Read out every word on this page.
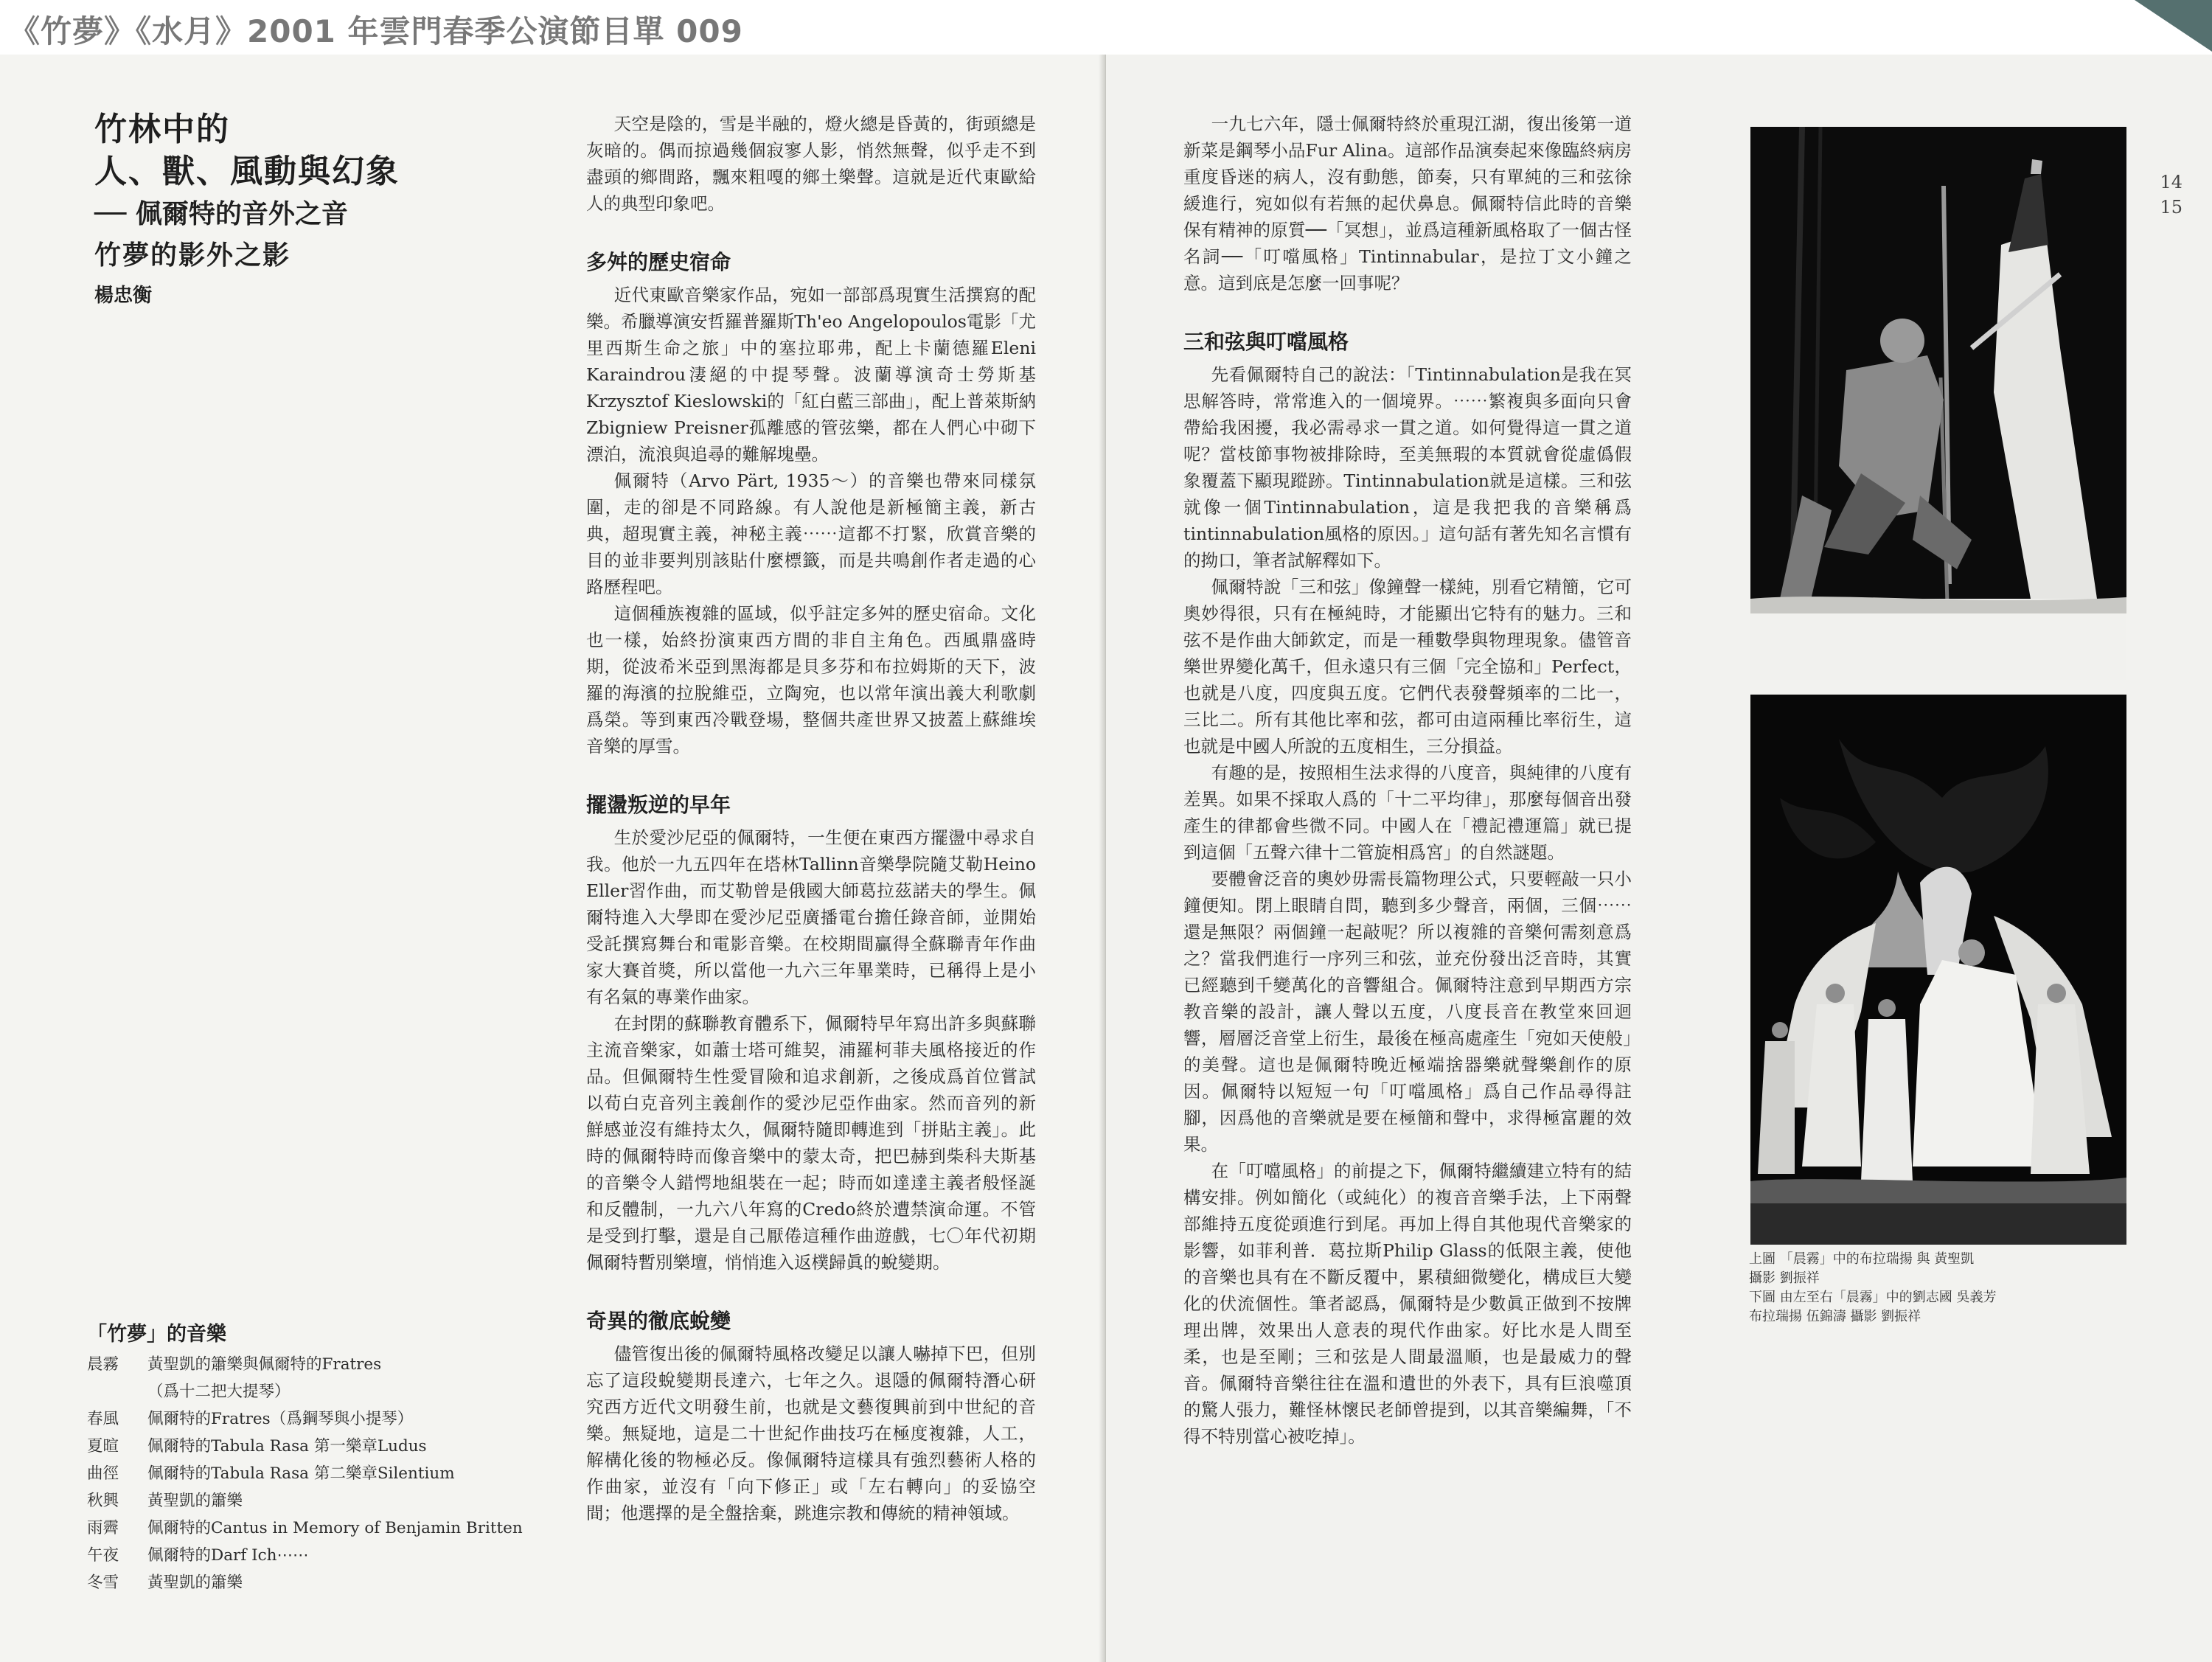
《竹夢》《水月》2001 年雲門春季公演節目單 009
竹林中的
人、獸、風動與幻象
── 佩爾特的音外之音
竹夢的影外之影
楊忠衡
「竹夢」的音樂
晨霧	黃聖凱的簫樂與佩爾特的Fratres
（爲十二把大提琴）
春風	佩爾特的Fratres（爲鋼琴與小提琴）
夏暄	佩爾特的Tabula Rasa 第一樂章Ludus
曲徑	佩爾特的Tabula Rasa 第二樂章Silentium
秋興	黃聖凱的簫樂
雨霽	佩爾特的Cantus in Memory of Benjamin Britten
午夜	佩爾特的Darf Ich⋯⋯
冬雪	黃聖凱的簫樂

天空是陰的，雪是半融的，燈火總是昏黃的，街頭總是灰暗的。偶而掠過幾個寂寥人影，悄然無聲，似乎走不到盡頭的鄉間路，飄來粗嘎的鄉土樂聲。這就是近代東歐給人的典型印象吧。

多舛的歷史宿命

近代東歐音樂家作品，宛如一部部爲現實生活撰寫的配樂。希臘導演安哲羅普羅斯Th'eo Angelopoulos電影「尤里西斯生命之旅」中的塞拉耶弗，配上卡蘭德羅Eleni Karaindrou淒絕的中提琴聲。波蘭導演奇士勞斯基Krzysztof Kieslowski的「紅白藍三部曲」，配上普萊斯納Zbigniew Preisner孤離感的管弦樂，都在人們心中砌下漂泊，流浪與追尋的難解塊壘。

佩爾特（Arvo Pärt, 1935～）的音樂也帶來同樣氛圍，走的卻是不同路線。有人說他是新極簡主義，新古典，超現實主義，神秘主義⋯⋯這都不打緊，欣賞音樂的目的並非要判別該貼什麼標籤，而是共鳴創作者走過的心路歷程吧。

這個種族複雜的區域，似乎註定多舛的歷史宿命。文化也一樣，始終扮演東西方間的非自主角色。西風鼎盛時期，從波希米亞到黑海都是貝多芬和布拉姆斯的天下，波羅的海濱的拉脫維亞，立陶宛，也以常年演出義大利歌劇爲榮。等到東西冷戰登場，整個共產世界又披蓋上蘇維埃音樂的厚雪。

擺盪叛逆的早年

生於愛沙尼亞的佩爾特，一生便在東西方擺盪中尋求自我。他於一九五四年在塔林Tallinn音樂學院隨艾勒Heino Eller習作曲，而艾勒曾是俄國大師葛拉茲諾夫的學生。佩爾特進入大學即在愛沙尼亞廣播電台擔任錄音師，並開始受託撰寫舞台和電影音樂。在校期間贏得全蘇聯青年作曲家大賽首獎，所以當他一九六三年畢業時，已稱得上是小有名氣的專業作曲家。

在封閉的蘇聯教育體系下，佩爾特早年寫出許多與蘇聯主流音樂家，如蕭士塔可維契，浦羅柯菲夫風格接近的作品。但佩爾特生性愛冒險和追求創新，之後成爲首位嘗試以荀白克音列主義創作的愛沙尼亞作曲家。然而音列的新鮮感並沒有維持太久，佩爾特隨即轉進到「拼貼主義」。此時的佩爾特時而像音樂中的蒙太奇，把巴赫到柴科夫斯基的音樂令人錯愕地組裝在一起；時而如達達主義者般怪誕和反體制，一九六八年寫的Credo終於遭禁演命運。不管是受到打擊，還是自己厭倦這種作曲遊戲，七〇年代初期佩爾特暫別樂壇，悄悄進入返樸歸眞的蛻變期。

奇異的徹底蛻變

儘管復出後的佩爾特風格改變足以讓人嚇掉下巴，但別忘了這段蛻變期長達六，七年之久。退隱的佩爾特潛心研究西方近代文明發生前，也就是文藝復興前到中世紀的音樂。無疑地，這是二十世紀作曲技巧在極度複雜，人工，解構化後的物極必反。像佩爾特這樣具有強烈藝術人格的作曲家，並沒有「向下修正」或「左右轉向」的妥協空間；他選擇的是全盤捨棄，跳進宗教和傳統的精神領域。

一九七六年，隱士佩爾特終於重現江湖，復出後第一道新菜是鋼琴小品Fur Alina。這部作品演奏起來像臨終病房重度昏迷的病人，沒有動態，節奏，只有單純的三和弦徐緩進行，宛如似有若無的起伏鼻息。佩爾特信此時的音樂保有精神的原質──「冥想」，並爲這種新風格取了一個古怪名詞──「叮噹風格」Tintinnabular，是拉丁文小鐘之意。這到底是怎麼一回事呢？

三和弦與叮噹風格

先看佩爾特自己的說法：「Tintinnabulation是我在冥思解答時，常常進入的一個境界。⋯⋯繁複與多面向只會帶給我困擾，我必需尋求一貫之道。如何覺得這一貫之道呢？當枝節事物被排除時，至美無瑕的本質就會從虛僞假象覆蓋下顯現蹤跡。Tintinnabulation就是這樣。三和弦就像一個Tintinnabulation，這是我把我的音樂稱爲tintinnabulation風格的原因。」這句話有著先知名言慣有的拗口，筆者試解釋如下。

佩爾特說「三和弦」像鐘聲一樣純，別看它精簡，它可奧妙得很，只有在極純時，才能顯出它特有的魅力。三和弦不是作曲大師欽定，而是一種數學與物理現象。儘管音樂世界變化萬千，但永遠只有三個「完全協和」Perfect，也就是八度，四度與五度。它們代表發聲頻率的二比一，三比二。所有其他比率和弦，都可由這兩種比率衍生，這也就是中國人所說的五度相生，三分損益。

有趣的是，按照相生法求得的八度音，與純律的八度有差異。如果不採取人爲的「十二平均律」，那麼每個音出發產生的律都會些微不同。中國人在「禮記禮運篇」就已提到這個「五聲六律十二管旋相爲宮」的自然謎題。

要體會泛音的奧妙毋需長篇物理公式，只要輕敲一只小鐘便知。閉上眼睛自問，聽到多少聲音，兩個，三個⋯⋯還是無限？兩個鐘一起敲呢？所以複雜的音樂何需刻意爲之？當我們進行一序列三和弦，並充份發出泛音時，其實已經聽到千變萬化的音響組合。佩爾特注意到早期西方宗教音樂的設計，讓人聲以五度，八度長音在教堂來回迴響，層層泛音堂上衍生，最後在極高處產生「宛如天使般」的美聲。這也是佩爾特晚近極端捨器樂就聲樂創作的原因。佩爾特以短短一句「叮噹風格」爲自己作品尋得註腳，因爲他的音樂就是要在極簡和聲中，求得極富麗的效果。

在「叮噹風格」的前提之下，佩爾特繼續建立特有的結構安排。例如簡化（或純化）的複音音樂手法，上下兩聲部維持五度從頭進行到尾。再加上得自其他現代音樂家的影響，如菲利普．葛拉斯Philip Glass的低限主義，使他的音樂也具有在不斷反覆中，累積細微變化，構成巨大變化的伏流個性。筆者認爲，佩爾特是少數眞正做到不按牌理出牌，效果出人意表的現代作曲家。好比水是人間至柔，也是至剛；三和弦是人間最溫順，也是最威力的聲音。佩爾特音樂往往在溫和遺世的外表下，具有巨浪噬頂的驚人張力，難怪林懷民老師曾提到，以其音樂編舞，「不得不特別當心被吃掉」。

上圖 「晨霧」中的布拉瑞揚 與 黃聖凱
攝影 劉振祥
下圖 由左至右「晨霧」中的劉志國 吳義芳
布拉瑞揚 伍錦濤 攝影 劉振祥
14
15
